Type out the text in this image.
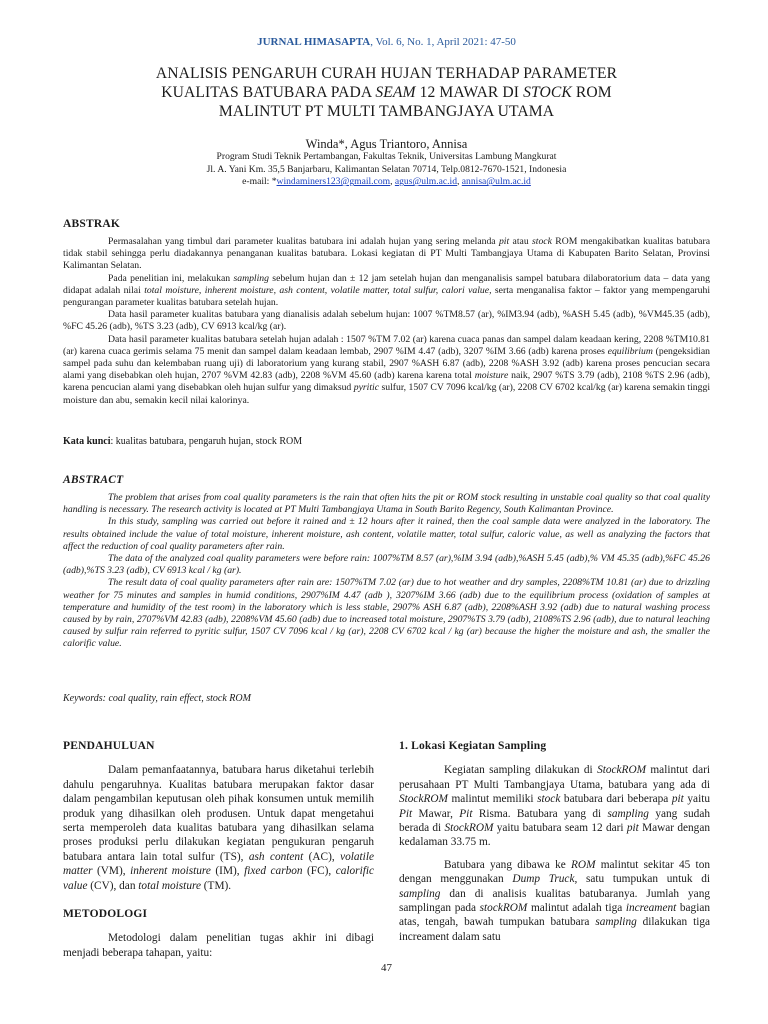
JURNAL HIMASAPTA, Vol. 6, No. 1, April 2021: 47-50
ANALISIS PENGARUH CURAH HUJAN TERHADAP PARAMETER
KUALITAS BATUBARA PADA SEAM 12 MAWAR DI STOCK ROM
MALINTUT PT MULTI TAMBANGJAYA UTAMA
Winda*, Agus Triantoro, Annisa
Program Studi Teknik Pertambangan, Fakultas Teknik, Universitas Lambung Mangkurat
Jl. A. Yani Km. 35,5 Banjarbaru, Kalimantan Selatan 70714, Telp.0812-7670-1521, Indonesia
e-mail: *windaminers123@gmail.com, agus@ulm.ac.id, annisa@ulm.ac.id
ABSTRAK

Permasalahan yang timbul dari parameter kualitas batubara ini adalah hujan yang sering melanda pit atau stock ROM mengakibatkan kualitas batubara tidak stabil sehingga perlu diadakannya penanganan kualitas batubara. Lokasi kegiatan di PT Multi Tambangjaya Utama di Kabupaten Barito Selatan, Provinsi Kalimantan Selatan.

Pada penelitian ini, melakukan sampling sebelum hujan dan ± 12 jam setelah hujan dan menganalisis sampel batubara dilaboratorium data – data yang didapat adalah nilai total moisture, inherent moisture, ash content, volatile matter, total sulfur, calori value, serta menganalisa faktor – faktor yang mempengaruhi pengurangan parameter kualitas batubara setelah hujan.

Data hasil parameter kualitas batubara yang dianalisis adalah sebelum hujan: 1007 %TM8.57 (ar), %IM3.94 (adb), %ASH 5.45 (adb), %VM45.35 (adb), %FC 45.26 (adb), %TS 3.23 (adb), CV 6913 kcal/kg (ar).

Data hasil parameter kualitas batubara setelah hujan adalah : 1507 %TM 7.02 (ar) karena cuaca panas dan sampel dalam keadaan kering, 2208 %TM10.81 (ar) karena cuaca gerimis selama 75 menit dan sampel dalam keadaan lembab, 2907 %IM 4.47 (adb), 3207 %IM 3.66 (adb) karena proses equilibrium (pengeksidian sampel pada suhu dan kelembaban ruang uji) di laboratorium yang kurang stabil, 2907 %ASH 6.87 (adb), 2208 %ASH 3.92 (adb) karena proses pencucian secara alami yang disebabkan oleh hujan, 2707 %VM 42.83 (adb), 2208 %VM 45.60 (adb) karena karena total moisture naik, 2907 %TS 3.79 (adb), 2108 %TS 2.96 (adb), karena pencucian alami yang disebabkan oleh hujan sulfur yang dimaksud pyritic sulfur, 1507 CV 7096 kcal/kg (ar), 2208 CV 6702 kcal/kg (ar) karena semakin tinggi moisture dan abu, semakin kecil nilai kalorinya.

Kata kunci: kualitas batubara, pengaruh hujan, stock ROM
ABSTRACT

The problem that arises from coal quality parameters is the rain that often hits the pit or ROM stock resulting in unstable coal quality so that coal quality handling is necessary. The research activity is located at PT Multi Tambangjaya Utama in South Barito Regency, South Kalimantan Province.

In this study, sampling was carried out before it rained and ± 12 hours after it rained, then the coal sample data were analyzed in the laboratory. The results obtained include the value of total moisture, inherent moisture, ash content, volatile matter, total sulfur, caloric value, as well as analyzing the factors that affect the reduction of coal quality parameters after rain.

The data of the analyzed coal quality parameters were before rain: 1007%TM 8.57 (ar),%IM 3.94 (adb),%ASH 5.45 (adb),% VM 45.35 (adb),%FC 45.26 (adb),%TS 3.23 (adb), CV 6913 kcal / kg (ar).

The result data of coal quality parameters after rain are: 1507%TM 7.02 (ar) due to hot weather and dry samples, 2208%TM 10.81 (ar) due to drizzling weather for 75 minutes and samples in humid conditions, 2907%IM 4.47 (adb ), 3207%IM 3.66 (adb) due to the equilibrium process (oxidation of samples at temperature and humidity of the test room) in the laboratory which is less stable, 2907% ASH 6.87 (adb), 2208%ASH 3.92 (adb) due to natural washing process caused by by rain, 2707%VM 42.83 (adb), 2208%VM 45.60 (adb) due to increased total moisture, 2907%TS 3.79 (adb), 2108%TS 2.96 (adb), due to natural leaching caused by sulfur rain referred to pyritic sulfur, 1507 CV 7096 kcal / kg (ar), 2208 CV 6702 kcal / kg (ar) because the higher the moisture and ash, the smaller the calorific value.

Keywords: coal quality, rain effect, stock ROM
PENDAHULUAN

Dalam pemanfaatannya, batubara harus diketahui terlebih dahulu pengaruhnya. Kualitas batubara merupakan faktor dasar dalam pengambilan keputusan oleh pihak konsumen untuk memilih produk yang dihasilkan oleh produsen. Untuk dapat mengetahui serta memperoleh data kualitas batubara yang dihasilkan selama proses produksi perlu dilakukan kegiatan pengukuran pengaruh batubara antara lain total sulfur (TS), ash content (AC), volatile matter (VM), inherent moisture (IM), fixed carbon (FC), calorific value (CV), dan total moisture (TM).

METODOLOGI

Metodologi dalam penelitian tugas akhir ini dibagi menjadi beberapa tahapan, yaitu:

1. Lokasi Kegiatan Sampling

Kegiatan sampling dilakukan di StockROM malintut dari perusahaan PT Multi Tambangjaya Utama, batubara yang ada di StockROM malintut memiliki stock batubara dari beberapa pit yaitu Pit Mawar, Pit Risma. Batubara yang di sampling yang sudah berada di StockROM yaitu batubara seam 12 dari pit Mawar dengan kedalaman 33.75 m.

Batubara yang dibawa ke ROM malintut sekitar 45 ton dengan menggunakan Dump Truck, satu tumpukan untuk di sampling dan di analisis kualitas batubaranya. Jumlah yang samplingan pada stockROM malintut adalah tiga increament bagian atas, tengah, bawah tumpukan batubara sampling dilakukan tiga increament dalam satu

47
